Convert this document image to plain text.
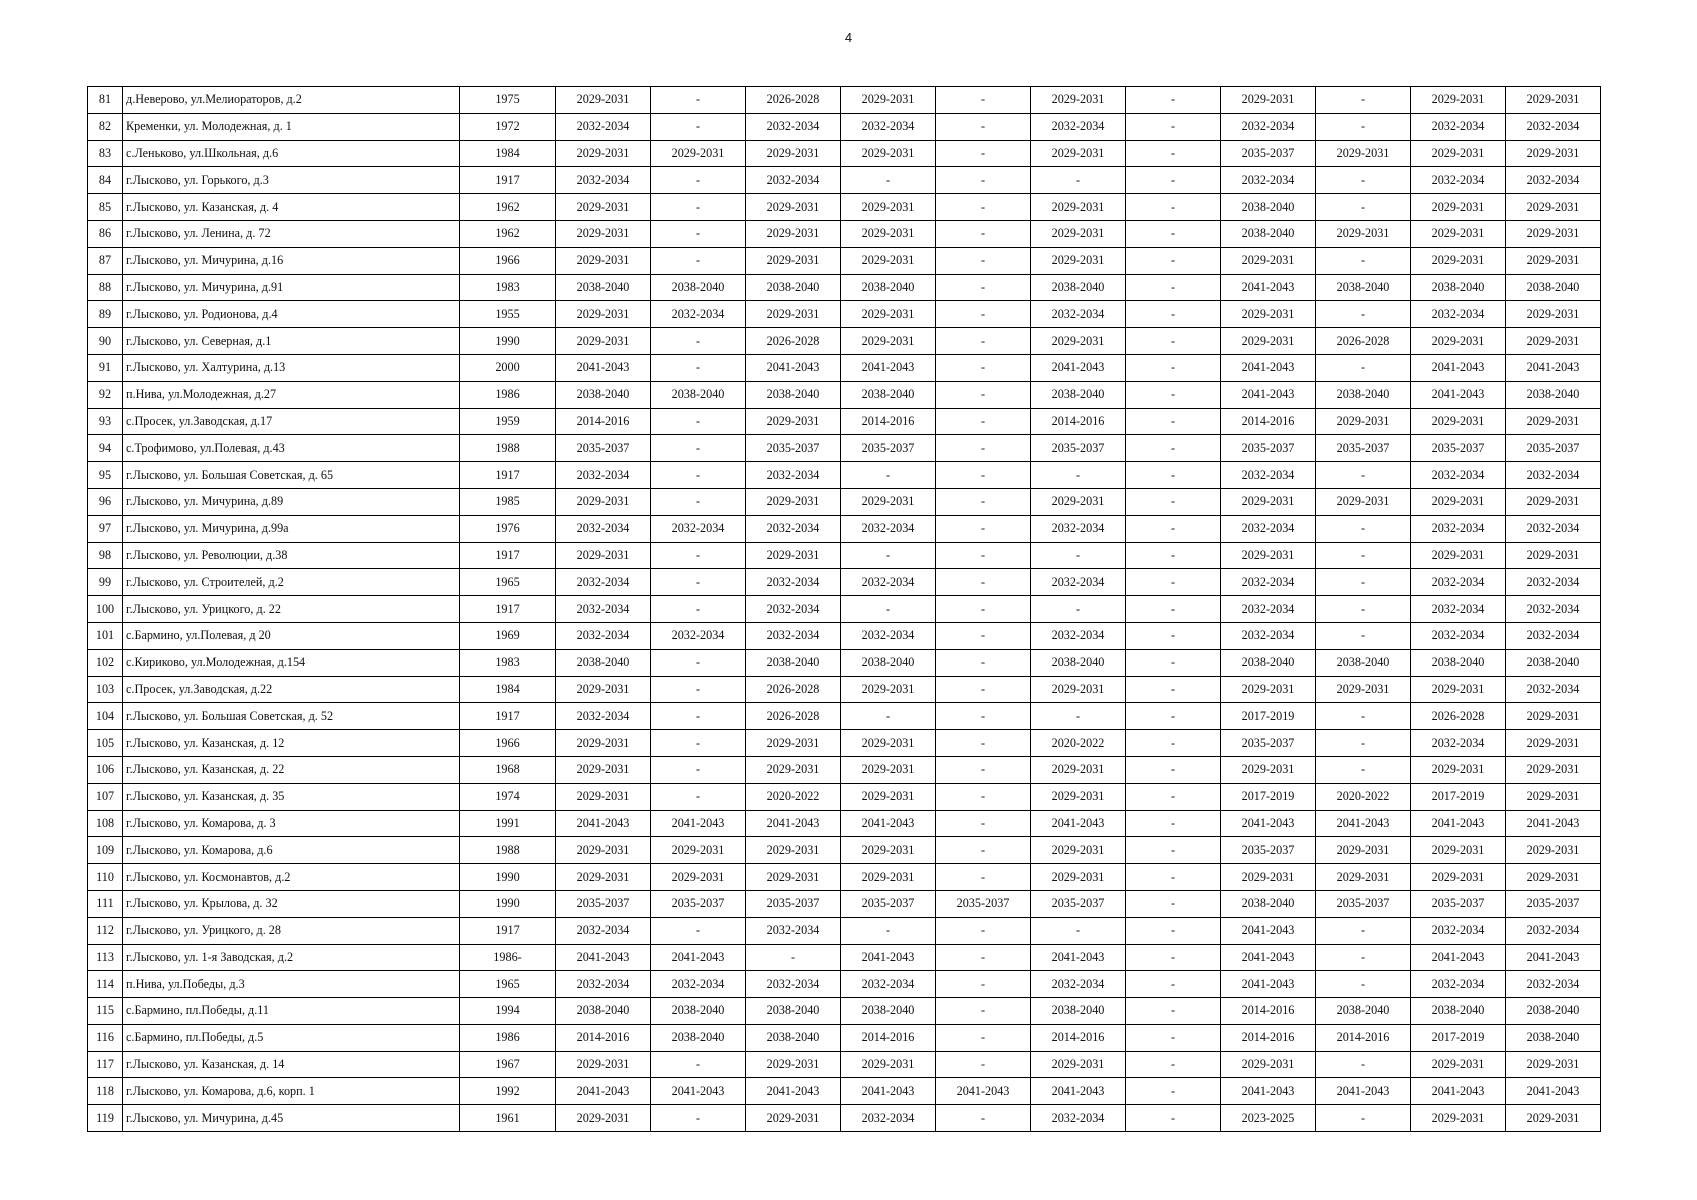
4
81	д.Неверово, ул.Мелиораторов, д.2	1975	2029-2031	-	2026-2028	2029-2031	-	2029-2031	-	2029-2031	-	2029-2031	2029-2031
82	Кременки, ул. Молодежная, д. 1	1972	2032-2034	-	2032-2034	2032-2034	-	2032-2034	-	2032-2034	-	2032-2034	2032-2034
83	с.Леньково, ул.Школьная, д.6	1984	2029-2031	2029-2031	2029-2031	2029-2031	-	2029-2031	-	2035-2037	2029-2031	2029-2031	2029-2031
84	г.Лысково, ул. Горького, д.3	1917	2032-2034	-	2032-2034	-	-	-	-	2032-2034	-	2032-2034	2032-2034
85	г.Лысково, ул. Казанская, д. 4	1962	2029-2031	-	2029-2031	2029-2031	-	2029-2031	-	2038-2040	-	2029-2031	2029-2031
86	г.Лысково, ул. Ленина, д. 72	1962	2029-2031	-	2029-2031	2029-2031	-	2029-2031	-	2038-2040	2029-2031	2029-2031	2029-2031
87	г.Лысково, ул. Мичурина, д.16	1966	2029-2031	-	2029-2031	2029-2031	-	2029-2031	-	2029-2031	-	2029-2031	2029-2031
88	г.Лысково, ул. Мичурина, д.91	1983	2038-2040	2038-2040	2038-2040	2038-2040	-	2038-2040	-	2041-2043	2038-2040	2038-2040	2038-2040
89	г.Лысково, ул. Родионова, д.4	1955	2029-2031	2032-2034	2029-2031	2029-2031	-	2032-2034	-	2029-2031	-	2032-2034	2029-2031
90	г.Лысково, ул. Северная, д.1	1990	2029-2031	-	2026-2028	2029-2031	-	2029-2031	-	2029-2031	2026-2028	2029-2031	2029-2031
91	г.Лысково, ул. Халтурина, д.13	2000	2041-2043	-	2041-2043	2041-2043	-	2041-2043	-	2041-2043	-	2041-2043	2041-2043
92	п.Нива, ул.Молодежная, д.27	1986	2038-2040	2038-2040	2038-2040	2038-2040	-	2038-2040	-	2041-2043	2038-2040	2041-2043	2038-2040
93	с.Просек, ул.Заводская, д.17	1959	2014-2016	-	2029-2031	2014-2016	-	2014-2016	-	2014-2016	2029-2031	2029-2031	2029-2031
94	с.Трофимово, ул.Полевая, д.43	1988	2035-2037	-	2035-2037	2035-2037	-	2035-2037	-	2035-2037	2035-2037	2035-2037	2035-2037
95	г.Лысково, ул. Большая Советская, д. 65	1917	2032-2034	-	2032-2034	-	-	-	-	2032-2034	-	2032-2034	2032-2034
96	г.Лысково, ул. Мичурина, д.89	1985	2029-2031	-	2029-2031	2029-2031	-	2029-2031	-	2029-2031	2029-2031	2029-2031	2029-2031
97	г.Лысково, ул. Мичурина, д.99а	1976	2032-2034	2032-2034	2032-2034	2032-2034	-	2032-2034	-	2032-2034	-	2032-2034	2032-2034
98	г.Лысково, ул. Революции, д.38	1917	2029-2031	-	2029-2031	-	-	-	-	2029-2031	-	2029-2031	2029-2031
99	г.Лысково, ул. Строителей, д.2	1965	2032-2034	-	2032-2034	2032-2034	-	2032-2034	-	2032-2034	-	2032-2034	2032-2034
100	г.Лысково, ул. Урицкого, д. 22	1917	2032-2034	-	2032-2034	-	-	-	-	2032-2034	-	2032-2034	2032-2034
101	с.Бармино, ул.Полевая, д 20	1969	2032-2034	2032-2034	2032-2034	2032-2034	-	2032-2034	-	2032-2034	-	2032-2034	2032-2034
102	с.Кириково, ул.Молодежная, д.154	1983	2038-2040	-	2038-2040	2038-2040	-	2038-2040	-	2038-2040	2038-2040	2038-2040	2038-2040
103	с.Просек, ул.Заводская, д.22	1984	2029-2031	-	2026-2028	2029-2031	-	2029-2031	-	2029-2031	2029-2031	2029-2031	2032-2034
104	г.Лысково, ул. Большая Советская, д. 52	1917	2032-2034	-	2026-2028	-	-	-	-	2017-2019	-	2026-2028	2029-2031
105	г.Лысково, ул. Казанская, д. 12	1966	2029-2031	-	2029-2031	2029-2031	-	2020-2022	-	2035-2037	-	2032-2034	2029-2031
106	г.Лысково, ул. Казанская, д. 22	1968	2029-2031	-	2029-2031	2029-2031	-	2029-2031	-	2029-2031	-	2029-2031	2029-2031
107	г.Лысково, ул. Казанская, д. 35	1974	2029-2031	-	2020-2022	2029-2031	-	2029-2031	-	2017-2019	2020-2022	2017-2019	2029-2031
108	г.Лысково, ул. Комарова, д. 3	1991	2041-2043	2041-2043	2041-2043	2041-2043	-	2041-2043	-	2041-2043	2041-2043	2041-2043	2041-2043
109	г.Лысково, ул. Комарова, д.6	1988	2029-2031	2029-2031	2029-2031	2029-2031	-	2029-2031	-	2035-2037	2029-2031	2029-2031	2029-2031
110	г.Лысково, ул. Космонавтов, д.2	1990	2029-2031	2029-2031	2029-2031	2029-2031	-	2029-2031	-	2029-2031	2029-2031	2029-2031	2029-2031
111	г.Лысково, ул. Крылова, д. 32	1990	2035-2037	2035-2037	2035-2037	2035-2037	2035-2037	2035-2037	-	2038-2040	2035-2037	2035-2037	2035-2037
112	г.Лысково, ул. Урицкого, д. 28	1917	2032-2034	-	2032-2034	-	-	-	-	2041-2043	-	2032-2034	2032-2034
113	г.Лысково, ул. 1-я Заводская, д.2	1986-	2041-2043	2041-2043	-	2041-2043	-	2041-2043	-	2041-2043	-	2041-2043	2041-2043
114	п.Нива, ул.Победы, д.3	1965	2032-2034	2032-2034	2032-2034	2032-2034	-	2032-2034	-	2041-2043	-	2032-2034	2032-2034
115	с.Бармино, пл.Победы, д.11	1994	2038-2040	2038-2040	2038-2040	2038-2040	-	2038-2040	-	2014-2016	2038-2040	2038-2040	2038-2040
116	с.Бармино, пл.Победы, д.5	1986	2014-2016	2038-2040	2038-2040	2014-2016	-	2014-2016	-	2014-2016	2014-2016	2017-2019	2038-2040
117	г.Лысково, ул. Казанская, д. 14	1967	2029-2031	-	2029-2031	2029-2031	-	2029-2031	-	2029-2031	-	2029-2031	2029-2031
118	г.Лысково, ул. Комарова, д.6, корп. 1	1992	2041-2043	2041-2043	2041-2043	2041-2043	2041-2043	2041-2043	-	2041-2043	2041-2043	2041-2043	2041-2043
119	г.Лысково, ул. Мичурина, д.45	1961	2029-2031	-	2029-2031	2032-2034	-	2032-2034	-	2023-2025	-	2029-2031	2029-2031
